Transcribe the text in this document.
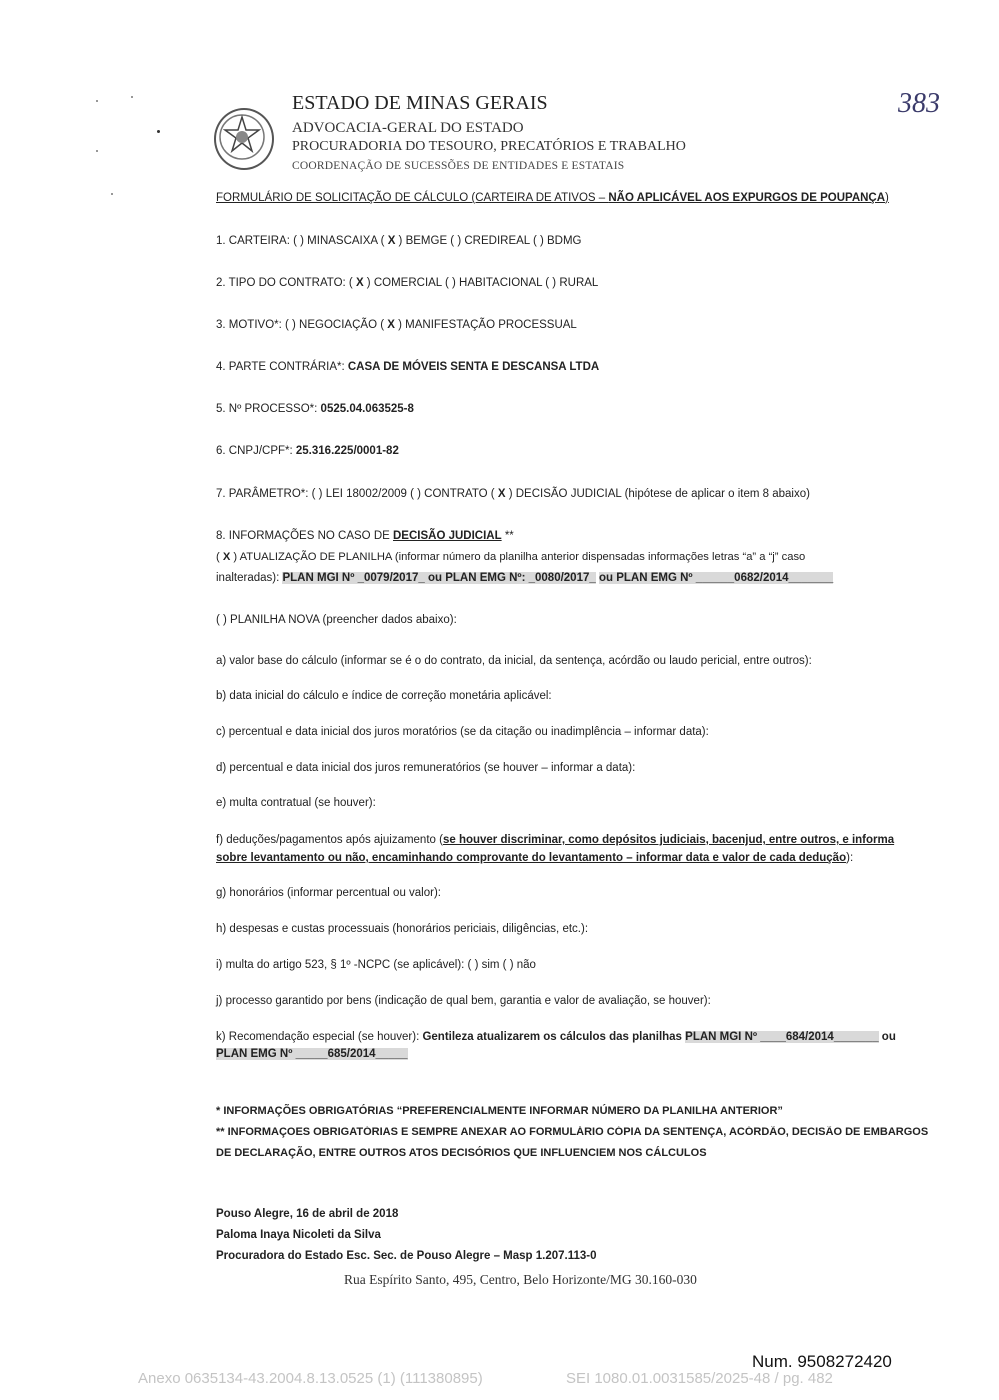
ESTADO DE MINAS GERAIS
ADVOCACIA-GERAL DO ESTADO
PROCURADORIA DO TESOURO, PRECATÓRIOS E TRABALHO
COORDENAÇÃO DE SUCESSÕES DE ENTIDADES E ESTATAIS
383
FORMULÁRIO DE SOLICITAÇÃO DE CÁLCULO (CARTEIRA DE ATIVOS – NÃO APLICÁVEL AOS EXPURGOS DE POUPANÇA)
1. CARTEIRA: ( ) MINASCAIXA ( X ) BEMGE ( ) CREDIREAL ( ) BDMG
2. TIPO DO CONTRATO: ( X ) COMERCIAL ( ) HABITACIONAL ( ) RURAL
3. MOTIVO*: ( ) NEGOCIAÇÃO ( X ) MANIFESTAÇÃO PROCESSUAL
4. PARTE CONTRÁRIA*: CASA DE MÓVEIS SENTA E DESCANSA LTDA
5. Nº PROCESSO*: 0525.04.063525-8
6. CNPJ/CPF*: 25.316.225/0001-82
7. PARÂMETRO*: ( ) LEI 18002/2009 ( ) CONTRATO ( X ) DECISÃO JUDICIAL (hipótese de aplicar o item 8 abaixo)
8. INFORMAÇÕES NO CASO DE DECISÃO JUDICIAL **
( X ) ATUALIZAÇÃO DE PLANILHA (informar número da planilha anterior dispensadas informações letras “a” a “j” caso
inalteradas): PLAN MGI Nº _0079/2017_ ou PLAN EMG Nº: _0080/2017_ ou PLAN EMG Nº ______0682/2014_______
( ) PLANILHA NOVA (preencher dados abaixo):
a) valor base do cálculo (informar se é o do contrato, da inicial, da sentença, acórdão ou laudo pericial, entre outros):
b) data inicial do cálculo e índice de correção monetária aplicável:
c) percentual e data inicial dos juros moratórios (se da citação ou inadimplência – informar data):
d) percentual e data inicial dos juros remuneratórios (se houver – informar a data):
e) multa contratual (se houver):
f) deduções/pagamentos após ajuizamento (se houver discriminar, como depósitos judiciais, bacenjud, entre outros, e informa
sobre levantamento ou não, encaminhando comprovante do levantamento – informar data e valor de cada dedução):
g) honorários (informar percentual ou valor):
h) despesas e custas processuais (honorários periciais, diligências, etc.):
i) multa do artigo 523, § 1º -NCPC (se aplicável): ( ) sim ( ) não
j) processo garantido por bens (indicação de qual bem, garantia e valor de avaliação, se houver):
k) Recomendação especial (se houver): Gentileza atualizarem os cálculos das planilhas PLAN MGI Nº ____684/2014_______ ou
PLAN EMG Nº _____685/2014_____
* INFORMAÇÕES OBRIGATÓRIAS “PREFERENCIALMENTE INFORMAR NÚMERO DA PLANILHA ANTERIOR”
** INFORMAÇOES OBRIGATÓRIAS E SEMPRE ANEXAR AO FORMULÁRIO CÓPIA DA SENTENÇA, ACÓRDÃO, DECISÃO DE EMBARGOS
DE DECLARAÇÃO, ENTRE OUTROS ATOS DECISÓRIOS QUE INFLUENCIEM NOS CÁLCULOS
Pouso Alegre, 16 de abril de 2018
Paloma Inaya Nicoleti da Silva
Procuradora do Estado Esc. Sec. de Pouso Alegre – Masp 1.207.113-0
Rua Espírito Santo, 495, Centro, Belo Horizonte/MG 30.160-030
Num. 9508272420
Anexo 0635134-43.2004.8.13.0525 (1) (111380895)	SEI 1080.01.0031585/2025-48 / pg. 482
